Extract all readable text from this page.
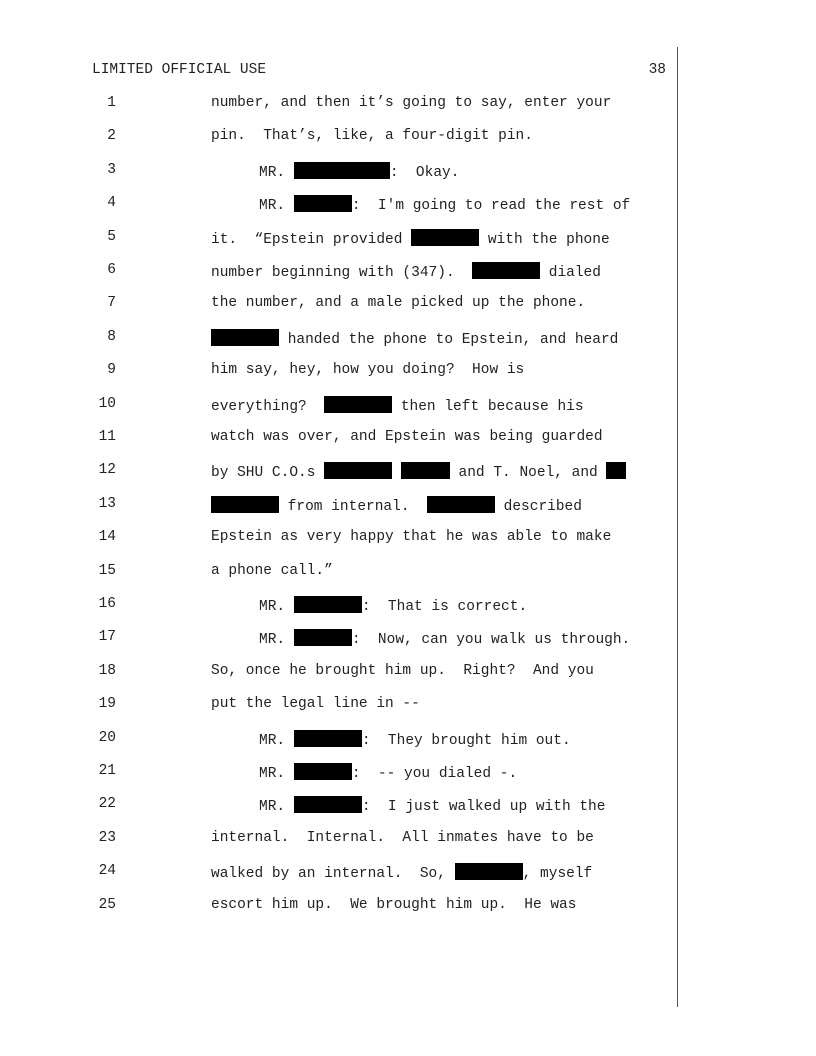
LIMITED OFFICIAL USE	38
1	number, and then it’s going to say, enter your
2	pin.  That’s, like, a four-digit pin.
3	MR.	:  Okay.
4	MR.	:  I'm going to read the rest of
5	it.  “Epstein provided	with the phone
6	number beginning with (347).	dialed
7	the number, and a male picked up the phone.
8	handed the phone to Epstein, and heard
9	him say, hey, how you doing?  How is
10	everything?	then left because his
11	watch was over, and Epstein was being guarded
12	by SHU C.O.s	and T. Noel, and
13	from internal.	described
14	Epstein as very happy that he was able to make
15	a phone call.”
16	MR.	:  That is correct.
17	MR.	:  Now, can you walk us through.
18	So, once he brought him up.  Right?  And you
19	put the legal line in --
20	MR.	:  They brought him out.
21	MR.	:  -- you dialed -.
22	MR.	:  I just walked up with the
23	internal.  Internal.  All inmates have to be
24	walked by an internal.  So,	, myself
25	escort him up.  We brought him up.  He was
